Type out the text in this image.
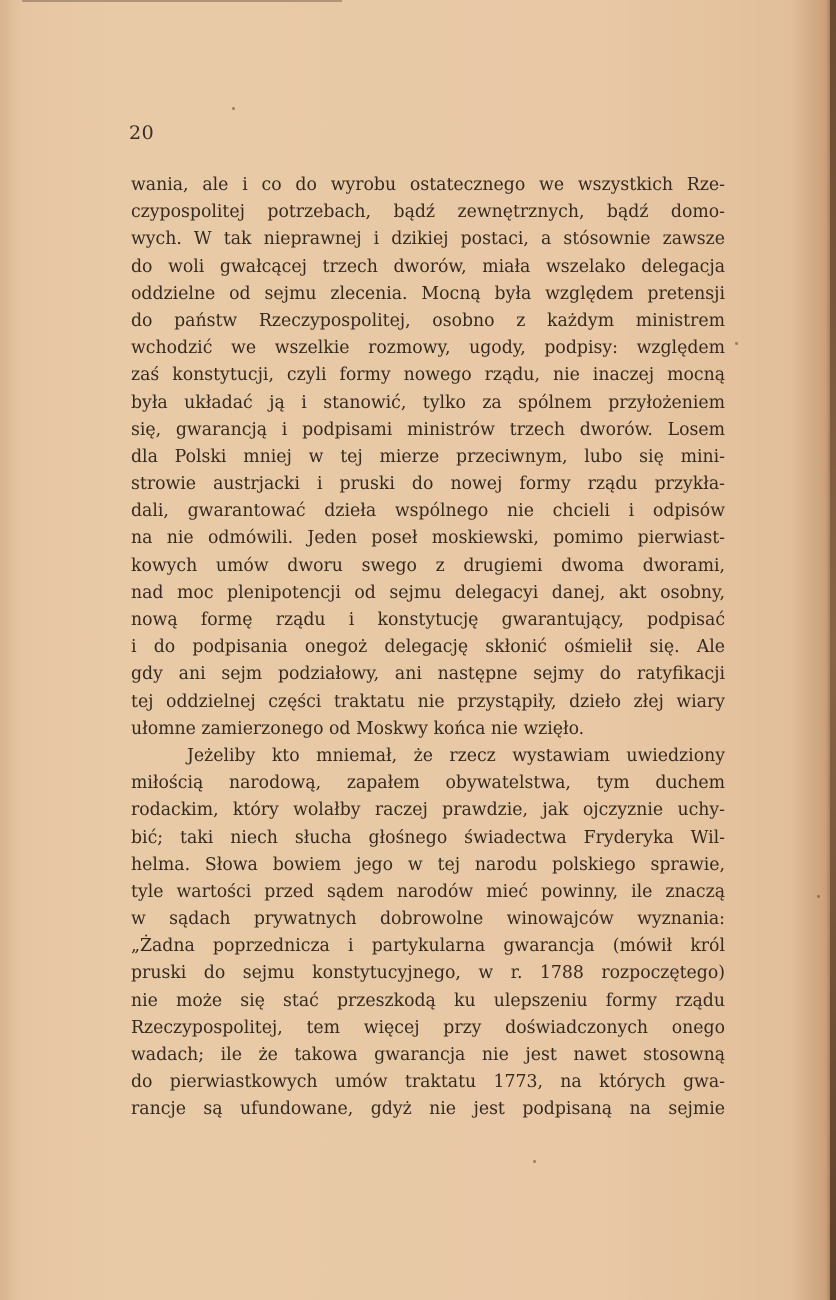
20
wania, ale i co do wyrobu ostatecznego we wszystkich Rze-
czypospolitej potrzebach, bądź zewnętrznych, bądź domo-
wych. W tak nieprawnej i dzikiej postaci, a stósownie zawsze
do woli gwałcącej trzech dworów, miała wszelako delegacja
oddzielne od sejmu zlecenia. Mocną była względem pretensji
do państw Rzeczypospolitej, osobno z każdym ministrem
wchodzić we wszelkie rozmowy, ugody, podpisy: względem
zaś konstytucji, czyli formy nowego rządu, nie inaczej mocną
była układać ją i stanowić, tylko za spólnem przyłożeniem
się, gwarancją i podpisami ministrów trzech dworów. Losem
dla Polski mniej w tej mierze przeciwnym, lubo się mini-
strowie austrjacki i pruski do nowej formy rządu przykła-
dali, gwarantować dzieła wspólnego nie chcieli i odpisów
na nie odmówili. Jeden poseł moskiewski, pomimo pierwiast-
kowych umów dworu swego z drugiemi dwoma dworami,
nad moc plenipotencji od sejmu delegacyi danej, akt osobny,
nową formę rządu i konstytucję gwarantujący, podpisać
i do podpisania onegoż delegację skłonić ośmielił się. Ale
gdy ani sejm podziałowy, ani następne sejmy do ratyfikacji
tej oddzielnej części traktatu nie przystąpiły, dzieło złej wiary
ułomne zamierzonego od Moskwy końca nie wzięło.
Jeżeliby kto mniemał, że rzecz wystawiam uwiedziony
miłością narodową, zapałem obywatelstwa, tym duchem
rodackim, który wolałby raczej prawdzie, jak ojczyznie uchy-
bić; taki niech słucha głośnego świadectwa Fryderyka Wil-
helma. Słowa bowiem jego w tej narodu polskiego sprawie,
tyle wartości przed sądem narodów mieć powinny, ile znaczą
w sądach prywatnych dobrowolne winowajców wyznania:
„Żadna poprzednicza i partykularna gwarancja (mówił król
pruski do sejmu konstytucyjnego, w r. 1788 rozpoczętego)
nie może się stać przeszkodą ku ulepszeniu formy rządu
Rzeczypospolitej, tem więcej przy doświadczonych onego
wadach; ile że takowa gwarancja nie jest nawet stosowną
do pierwiastkowych umów traktatu 1773, na których gwa-
rancje są ufundowane, gdyż nie jest podpisaną na sejmie
